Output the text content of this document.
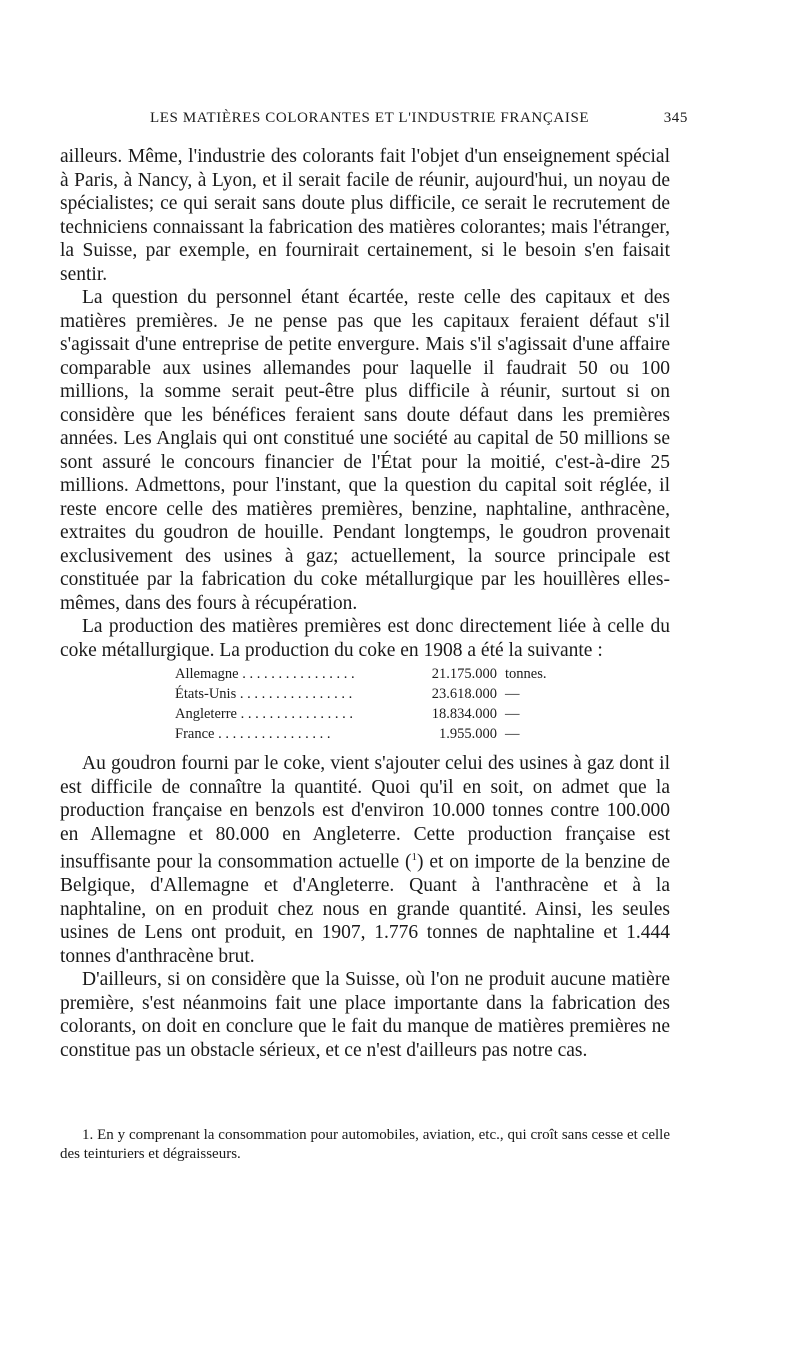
LES MATIÈRES COLORANTES ET L'INDUSTRIE FRANÇAISE	345

ailleurs. Même, l'industrie des colorants fait l'objet d'un enseignement spécial à Paris, à Nancy, à Lyon, et il serait facile de réunir, aujourd'hui, un noyau de spécialistes; ce qui serait sans doute plus difficile, ce serait le recrutement de techniciens connaissant la fabrication des matières colorantes; mais l'étranger, la Suisse, par exemple, en fournirait certainement, si le besoin s'en faisait sentir.

La question du personnel étant écartée, reste celle des capitaux et des matières premières. Je ne pense pas que les capitaux feraient défaut s'il s'agissait d'une entreprise de petite envergure. Mais s'il s'agissait d'une affaire comparable aux usines allemandes pour laquelle il faudrait 50 ou 100 millions, la somme serait peut-être plus difficile à réunir, surtout si on considère que les bénéfices feraient sans doute défaut dans les premières années. Les Anglais qui ont constitué une société au capital de 50 millions se sont assuré le concours financier de l'État pour la moitié, c'est-à-dire 25 millions. Admettons, pour l'instant, que la question du capital soit réglée, il reste encore celle des matières premières, benzine, naphtaline, anthracène, extraites du goudron de houille. Pendant longtemps, le goudron provenait exclusivement des usines à gaz; actuellement, la source principale est constituée par la fabrication du coke métallurgique par les houillères elles-mêmes, dans des fours à récupération.

La production des matières premières est donc directement liée à celle du coke métallurgique. La production du coke en 1908 a été la suivante :

Allemagne . . . . . . . . . . . . . . . .	21.175.000 tonnes.
États-Unis . . . . . . . . . . . . . . . .	23.618.000 —
Angleterre . . . . . . . . . . . . . . . .	18.834.000 —
France . . . . . . . . . . . . . . . .	1.955.000 —

Au goudron fourni par le coke, vient s'ajouter celui des usines à gaz dont il est difficile de connaître la quantité. Quoi qu'il en soit, on admet que la production française en benzols est d'environ 10.000 tonnes contre 100.000 en Allemagne et 80.000 en Angleterre. Cette production française est insuffisante pour la consommation actuelle ($^1$) et on importe de la benzine de Belgique, d'Allemagne et d'Angleterre. Quant à l'anthracène et à la naphtaline, on en produit chez nous en grande quantité. Ainsi, les seules usines de Lens ont produit, en 1907, 1.776 tonnes de naphtaline et 1.444 tonnes d'anthracène brut.

D'ailleurs, si on considère que la Suisse, où l'on ne produit aucune matière première, s'est néanmoins fait une place importante dans la fabrication des colorants, on doit en conclure que le fait du manque de matières premières ne constitue pas un obstacle sérieux, et ce n'est d'ailleurs pas notre cas.

1. En y comprenant la consommation pour automobiles, aviation, etc., qui croît sans cesse et celle des teinturiers et dégraisseurs.
